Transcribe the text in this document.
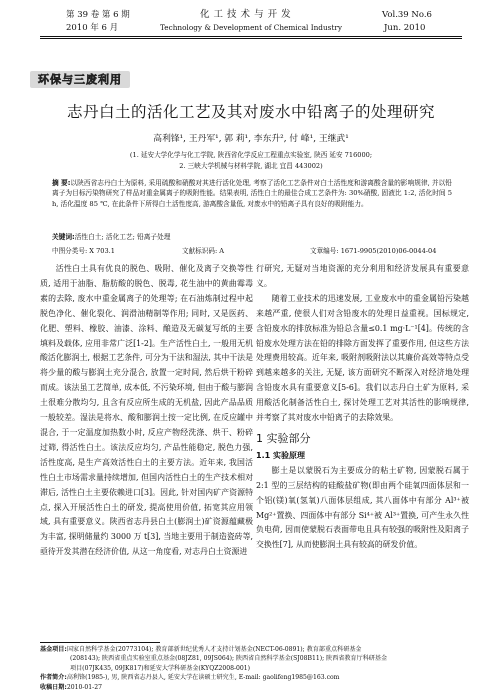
第 39 卷 第 6 期	化 工 技 术 与 开 发	Vol.39 No.6
2010 年 6 月	Technology & Development of Chemical Industry	Jun. 2010
环保与三废利用
志丹白土的活化工艺及其对废水中铅离子的处理研究
高利锋¹, 王丹军¹, 郭 莉¹, 李东升², 付 峰¹, 王继武¹
(1. 延安大学化学与化工学院, 陕西省化学反应工程重点实验室, 陕西 延安 716000;
2. 三峡大学机械与材料学院, 湖北 宜昌 443002)
摘 要:以陕西省志丹白土为原料, 采用硫酸和硝酸对其进行活化处理, 考察了活化工艺条件对白土活性度和游离酸含量的影响规律, 并以铅离子为目标污染物研究了样品对重金属离子的吸附性能。结果表明, 活性白土的最佳合成工艺条件为: 30%硝酸, 固液比 1:2, 活化时间 5 h, 活化温度 85 ℃, 在此条件下所得白土活性度高, 游离酸含量低, 对废水中的铅离子具有良好的吸附能力。
关键词:活性白土; 活化工艺; 铅离子处理
中图分类号: X 703.1	文献标识码: A	文章编号: 1671-9905(2010)06-0044-04

活性白土具有优良的脱色、吸附、催化及离子交换等性质, 适用于油脂、脂肪酸的脱色、脱毒, 花生油中的黄曲霉毒素的去除, 废水中重金属离子的处理等; 在石油炼制过程中起脱色净化、催化裂化、润滑油精制等作用; 同时, 又是医药、化肥、塑料、橡胶、油漆、涂料、酿造及无碳复写纸的主要填料及载体, 应用非常广泛[1-2]。生产活性白土, 一般用无机酸活化膨润土, 根据工艺条件, 可分为干法和湿法, 其中干法是将少量的酸与膨润土充分混合, 放置一定时间, 然后烘干粉碎而成。该法虽工艺简单, 成本低, 不污染环境, 但由于酸与膨润土很难分散均匀, 且含有反应所生成的无机盐, 因此产品品质一般较差。湿法是将水、酸和膨润土按一定比例, 在反应罐中混合, 于一定温度加热数小时, 反应产物经洗涤、烘干、粉碎过筛, 得活性白土。该法反应均匀, 产品性能稳定, 脱色力强, 活性度高, 是生产高效活性白土的主要方法。近年来, 我国活性白土市场需求量持续增加, 但国内活性白土的生产技术相对滞后, 活性白土主要依赖进口[3]。因此, 针对国内矿产资源特点, 探入开展活性白土的研发, 提高使用价值, 拓宽其应用领域, 具有重要意义。陕西省志丹县白土(膨润土)矿资源蕴藏极为丰富, 探明储量约 3000 万 t[3], 当地主要用于制造瓷砖等, 亟待开发其潜在经济价值, 从这一角度看, 对志丹白土资源进

行研究, 无疑对当地资源的充分利用和经济发展具有重要意义。

随着工业技术的迅速发展, 工业废水中的重金属铅污染越来越严重, 使很人们对含铅废水的处理日益重视。国标规定, 含铅废水的排放标准为铅总含量≤0.1 mg·L⁻¹[4]。传统的含铅废水处理方法在铅的排除方面发挥了重要作用, 但这些方法处理费用较高。近年来, 吸附剂吸附法以其廉价高效等特点受到越来越多的关注, 无疑, 该方面研究不断深入对经济地处理含铅废水具有重要意义[5-6]。我们以志丹白土矿为原料, 采用酸活化制备活性白土, 探讨处理工艺对其活性的影响规律, 并考察了其对废水中铅离子的去除效果。

1 实验部分
1.1 实验原理

膨土是以蒙脱石为主要成分的粘土矿物, 因蒙脱石属于 2:1 型的三层结构的硅酸盐矿物(即由两个硅氧四面体层和一个铝(镁)氧(氢氧)八面体层组成, 其八面体中有部分 Al³⁺被 Mg²⁺置换、四面体中有部分 Si⁴⁺被 Al³⁺置换, 可产生永久性负电荷, 因而使蒙脱石表面带电且具有较强的吸附性及阳离子交换性[7], 从而使膨润土具有较高的研发价值。

基金项目:国家自然科学基金(20773104); 教育部新世纪优秀人才支持计划基金(NECT-06-0891); 教育部重点科研基金
(208143); 陕西省重点实验室重点基金(08JZ81, 09JS064); 陕西省自然科学基金(SJ08B11); 陕西省教育厅科研基金
项目(07JK435, 09JK817)和延安大学科研基金(KYQZ2008-001)
作者简介:高利锋(1985-), 男, 陕西省志丹县人, 延安大学在读硕士研究生, E-mail: gaolifeng1985@163.com
收稿日期:2010-01-27
